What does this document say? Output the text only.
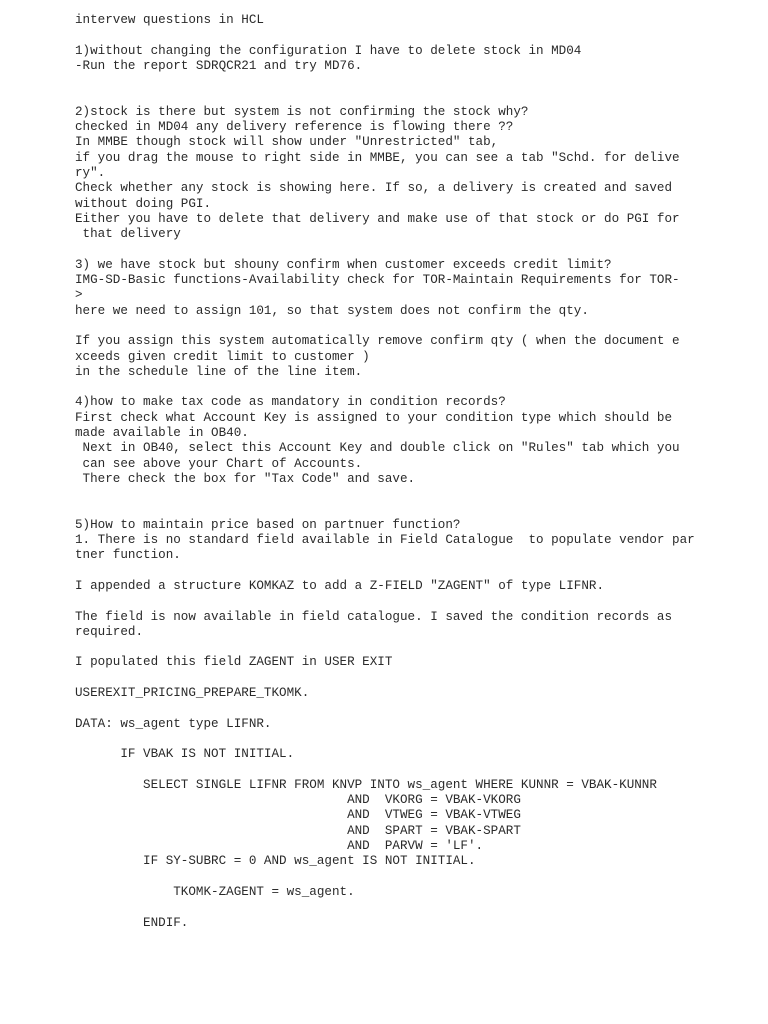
intervew questions in HCL
1)without changing the configuration I have to delete stock in MD04
-Run the report SDRQCR21 and try MD76.
2)stock is there but system is not confirming the stock why?
checked in MD04 any delivery reference is flowing there ??
In MMBE though stock will show under "Unrestricted" tab,
if you drag the mouse to right side in MMBE, you can see a tab "Schd. for delive
ry".
Check whether any stock is showing here. If so, a delivery is created and saved
without doing PGI.
Either you have to delete that delivery and make use of that stock or do PGI for
that delivery
3) we have stock but shouny confirm when customer exceeds credit limit?
IMG-SD-Basic functions-Availability check for TOR-Maintain Requirements for TOR-
>
here we need to assign 101, so that system does not confirm the qty.
If you assign this system automatically remove confirm qty ( when the document e
xceeds given credit limit to customer )
in the schedule line of the line item.
4)how to make tax code as mandatory in condition records?
First check what Account Key is assigned to your condition type which should be
made available in OB40.
Next in OB40, select this Account Key and double click on "Rules" tab which you
can see above your Chart of Accounts.
There check the box for "Tax Code" and save.
5)How to maintain price based on partnuer function?
1. There is no standard field available in Field Catalogue  to populate vendor par
tner function.
I appended a structure KOMKAZ to add a Z-FIELD "ZAGENT" of type LIFNR.
The field is now available in field catalogue. I saved the condition records as
required.
I populated this field ZAGENT in USER EXIT
USEREXIT_PRICING_PREPARE_TKOMK.
DATA: ws_agent type LIFNR.
IF VBAK IS NOT INITIAL.
SELECT SINGLE LIFNR FROM KNVP INTO ws_agent WHERE KUNNR = VBAK-KUNNR
AND  VKORG = VBAK-VKORG
AND  VTWEG = VBAK-VTWEG
AND  SPART = VBAK-SPART
AND  PARVW = 'LF'.
IF SY-SUBRC = 0 AND ws_agent IS NOT INITIAL.
TKOMK-ZAGENT = ws_agent.
ENDIF.
